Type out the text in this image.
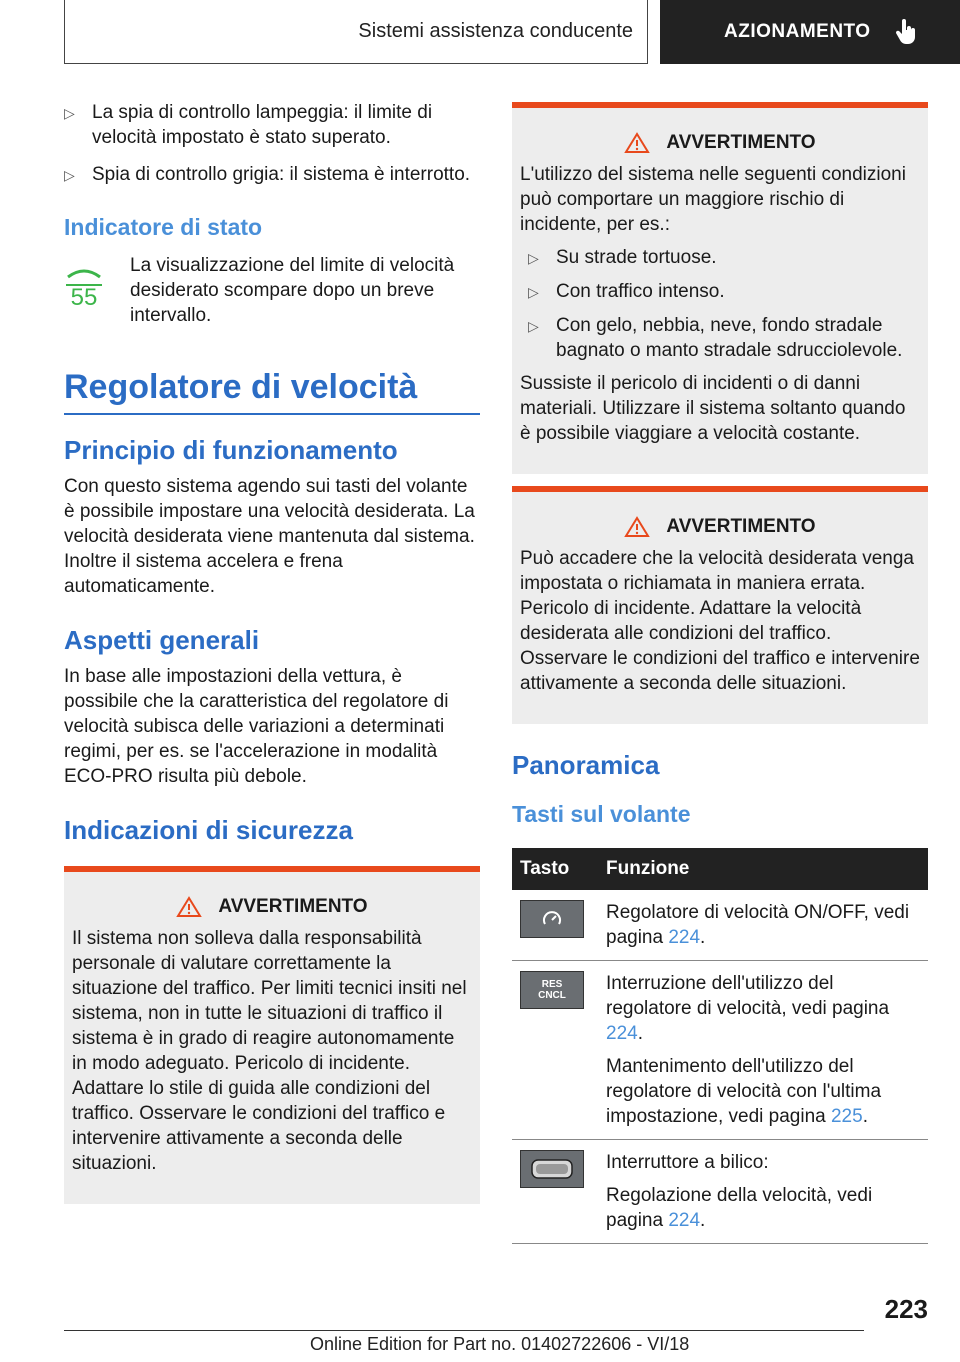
Sistemi assistenza conducente	AZIONAMENTO
▷ La spia di controllo lampeggia: il limite di velocità impostato è stato superato.
▷ Spia di controllo grigia: il sistema è interrotto.
Indicatore di stato
55
La visualizzazione del limite di velocità desiderato scompare dopo un breve intervallo.
Regolatore di velocità
Principio di funzionamento
Con questo sistema agendo sui tasti del volante è possibile impostare una velocità desiderata. La velocità desiderata viene mantenuta dal sistema. Inoltre il sistema accelera e frena automaticamente.
Aspetti generali
In base alle impostazioni della vettura, è possibile che la caratteristica del regolatore di velocità subisca delle variazioni a determinati regimi, per es. se l'accelerazione in modalità ECO-PRO risulta più debole.
Indicazioni di sicurezza
AVVERTIMENTO
Il sistema non solleva dalla responsabilità personale di valutare correttamente la situazione del traffico. Per limiti tecnici insiti nel sistema, non in tutte le situazioni di traffico il sistema è in grado di reagire autonomamente in modo adeguato. Pericolo di incidente. Adattare lo stile di guida alle condizioni del traffico. Osservare le condizioni del traffico e intervenire attivamente a seconda delle situazioni.
AVVERTIMENTO
L'utilizzo del sistema nelle seguenti condizioni può comportare un maggiore rischio di incidente, per es.:
▷ Su strade tortuose.
▷ Con traffico intenso.
▷ Con gelo, nebbia, neve, fondo stradale bagnato o manto stradale sdrucciolevole.
Sussiste il pericolo di incidenti o di danni materiali. Utilizzare il sistema soltanto quando è possibile viaggiare a velocità costante.
AVVERTIMENTO
Può accadere che la velocità desiderata venga impostata o richiamata in maniera errata. Pericolo di incidente. Adattare la velocità desiderata alle condizioni del traffico. Osservare le condizioni del traffico e intervenire attivamente a seconda delle situazioni.
Panoramica
Tasti sul volante
Tasto	Funzione

	Regolatore di velocità ON/OFF, vedi pagina 224.

RES CNCL	Interruzione dell'utilizzo del regolatore di velocità, vedi pagina 224.
Mantenimento dell'utilizzo del regolatore di velocità con l'ultima impostazione, vedi pagina 225.

Interruttore a bilico:
Regolazione della velocità, vedi pagina 224.
223
Online Edition for Part no. 01402722606 - VI/18
